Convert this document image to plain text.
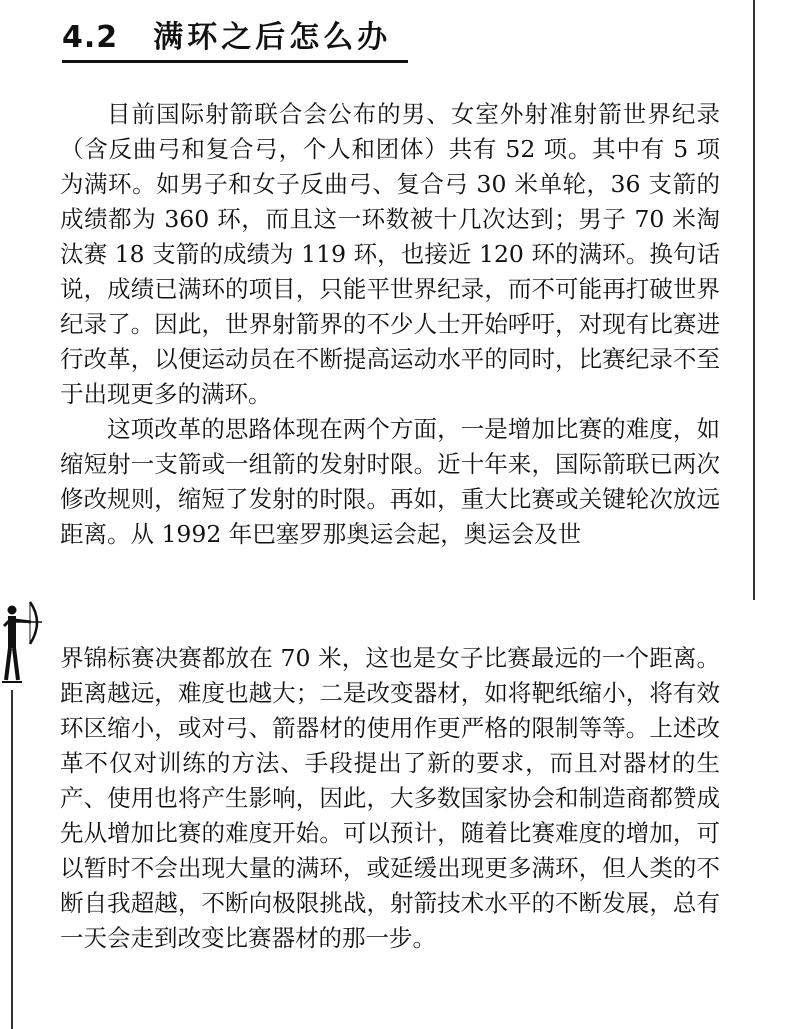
4.2 满环之后怎么办

目前国际射箭联合会公布的男、女室外射准射箭世界纪录（含反曲弓和复合弓，个人和团体）共有 52 项。其中有 5 项为满环。如男子和女子反曲弓、复合弓 30 米单轮，36 支箭的成绩都为 360 环，而且这一环数被十几次达到；男子 70 米淘汰赛 18 支箭的成绩为 119 环，也接近 120 环的满环。换句话说，成绩已满环的项目，只能平世界纪录，而不可能再打破世界纪录了。因此，世界射箭界的不少人士开始呼吁，对现有比赛进行改革，以便运动员在不断提高运动水平的同时，比赛纪录不至于出现更多的满环。

这项改革的思路体现在两个方面，一是增加比赛的难度，如缩短射一支箭或一组箭的发射时限。近十年来，国际箭联已两次修改规则，缩短了发射的时限。再如，重大比赛或关键轮次放远距离。从 1992 年巴塞罗那奥运会起，奥运会及世

界锦标赛决赛都放在 70 米，这也是女子比赛最远的一个距离。距离越远，难度也越大；二是改变器材，如将靶纸缩小，将有效环区缩小，或对弓、箭器材的使用作更严格的限制等等。上述改革不仅对训练的方法、手段提出了新的要求，而且对器材的生产、使用也将产生影响，因此，大多数国家协会和制造商都赞成先从增加比赛的难度开始。可以预计，随着比赛难度的增加，可以暂时不会出现大量的满环，或延缓出现更多满环，但人类的不断自我超越，不断向极限挑战，射箭技术水平的不断发展，总有一天会走到改变比赛器材的那一步。
